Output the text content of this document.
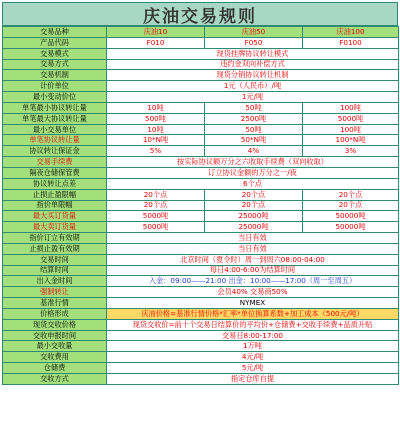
庆油交易规则
交易品种	庆油10	庆油50	庆油100
产品代码	F010	F050	F0100
交易模式	现货挂牌协议转让模式		
交易方式	违约金双向补偿方式		
交易机制	现货分销协议转让机制		
计价单位	1元（人民币）/吨		
最小变动价位	1元/吨		
单笔最小协议转让量	10吨	50吨	100吨
单笔最大协议转让量	500吨	2500吨	5000吨
最小交易单位	10吨	50吨	100吨
单笔协议转让量	10*N吨	50*N吨	100*N吨
协议转让保证金	5%	4%	3%
交易手续费	按实际协议额万分之六收取手续费（双向收取）		
隔夜仓储保管费	订立协议金额的万分之一/夜		
协议转让点差	6个点		
止损止盈限幅	20个点	20个点	20个点
指价单限幅	20个点	20个点	20个点
最大买订货量	5000吨	25000吨	50000吨
最大卖订货量	5000吨	25000吨	50000吨
指价订立有效期	当日有效		
止损止盈有效期	当日有效		
交易时间	北京时间（夏令时）周一到周六08:00-04:00		
结算时间	每日4:00-6:00为结算时间		
出入金时间	入金：09:00——21:00 出金：10:00——17:00（周一至周五）		
强制转让	会员40% 交易商50%		
基准行情	NYMEX		
价格形成	庆油价格=基准行情价格*汇率*单位换算系数+加工成本（500元/吨）		
现货交收价格	现货交收价=前十个交易日结算价的平均价+仓储费+交收手续费+品质升贴		
交收申报时间	交易日8:00-17:00		
最小交收量	1万吨		
交收费用	4元/吨		
仓储费	5元/吨		
交收方式	指定仓库自提		
